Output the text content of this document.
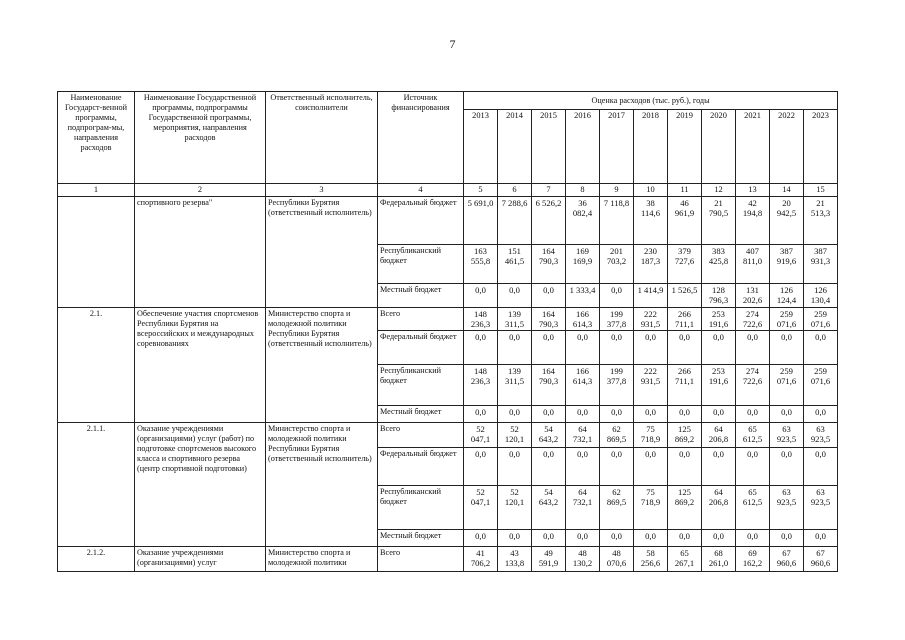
7
Наименование Государст-венной программы, подпрограм-мы, направления расходов	Наименование Государственной программы, подпрограммы Государственной программы, мероприятия, направления расходов	Ответственный исполнитель, соисполнители	Источник финансирования	Оценка расходов (тыс. руб.), годы										
				2013	2014	2015	2016	2017	2018	2019	2020	2021	2022	2023
1	2	3	4	5	6	7	8	9	10	11	12	13	14	15
	спортивного резерва"	Республики Бурятия (ответственный исполнитель)	Федеральный бюджет	5 691,0	7 288,6	6 526,2	36 082,4	7 118,8	38 114,6	46 961,9	21 790,5	42 194,8	20 942,5	21 513,3
			Республиканский бюджет	163 555,8	151 461,5	164 790,3	169 169,9	201 703,2	230 187,3	379 727,6	383 425,8	407 811,0	387 919,6	387 931,3
			Местный бюджет	0,0	0,0	0,0	1 333,4	0,0	1 414,9	1 526,5	128 796,3	131 202,6	126 124,4	126 130,4
2.1.	Обеспечение участия спортсменов Республики Бурятия на всероссийских и международных соревнованиях	Министерство спорта и молодежной политики Республики Бурятия (ответственный исполнитель)	Всего	148 236,3	139 311,5	164 790,3	166 614,3	199 377,8	222 931,5	266 711,1	253 191,6	274 722,6	259 071,6	259 071,6
			Федеральный бюджет	0,0	0,0	0,0	0,0	0,0	0,0	0,0	0,0	0,0	0,0	0,0
			Республиканский бюджет	148 236,3	139 311,5	164 790,3	166 614,3	199 377,8	222 931,5	266 711,1	253 191,6	274 722,6	259 071,6	259 071,6
			Местный бюджет	0,0	0,0	0,0	0,0	0,0	0,0	0,0	0,0	0,0	0,0	0,0
2.1.1.	Оказание учреждениями (организациями) услуг (работ) по подготовке спортсменов высокого класса и спортивного резерва (центр спортивной подготовки)	Министерство спорта и молодежной политики Республики Бурятия (ответственный исполнитель)	Всего	52 047,1	52 120,1	54 643,2	64 732,1	62 869,5	75 718,9	125 869,2	64 206,8	65 612,5	63 923,5	63 923,5
			Федеральный бюджет	0,0	0,0	0,0	0,0	0,0	0,0	0,0	0,0	0,0	0,0	0,0
			Республиканский бюджет	52 047,1	52 120,1	54 643,2	64 732,1	62 869,5	75 718,9	125 869,2	64 206,8	65 612,5	63 923,5	63 923,5
			Местный бюджет	0,0	0,0	0,0	0,0	0,0	0,0	0,0	0,0	0,0	0,0	0,0
2.1.2.	Оказание учреждениями (организациями) услуг	Министерство спорта и молодежной политики	Всего	41 706,2	43 133,8	49 591,9	48 130,2	48 070,6	58 256,6	65 267,1	68 261,0	69 162,2	67 960,6	67 960,6
